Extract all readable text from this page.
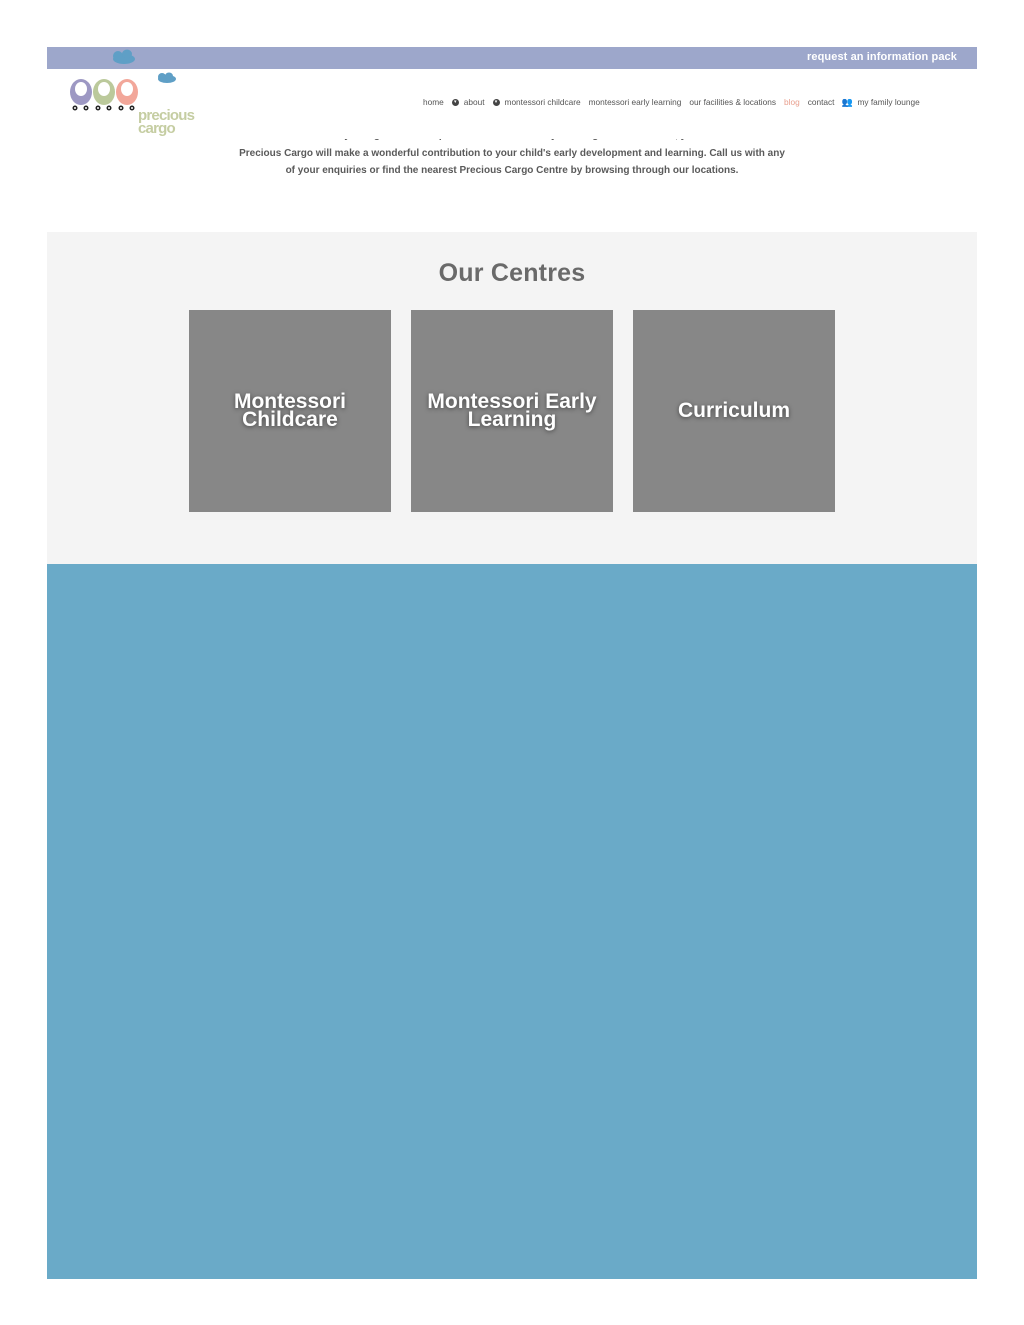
request an information pack
Precious Cargo will make a wonderful contribution to your child's early development and learning. Call us with any of your enquiries or find the nearest Precious Cargo Centre by browsing through our locations.
home	▾ about	▾ montessori childcare montessori early learning our facilities & locations blog contact 👥 my family lounge
precious
cargo
Our Centres
Montessori Childcare
Montessori Early Learning	Curriculum
